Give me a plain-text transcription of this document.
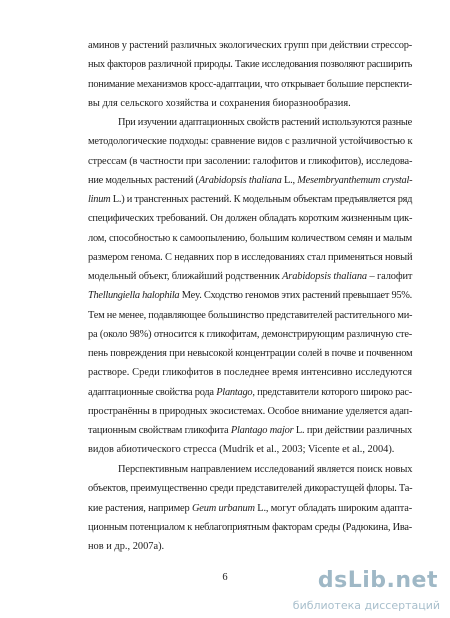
аминов у растений различных экологических групп при действии стрессор-
ных факторов различной природы. Такие исследования позволяют расширить
понимание механизмов кросс-адаптации, что открывает большие перспекти-
вы для сельского хозяйства и сохранения биоразнообразия.
При изучении адаптационных свойств растений используются разные
методологические подходы: сравнение видов с различной устойчивостью к
стрессам (в частности при засолении: галофитов и гликофитов), исследова-
ние модельных растений (Arabidopsis thaliana L., Mesembryanthemum crystal-
linum L.) и трансгенных растений. К модельным объектам предъявляется ряд
специфических требований. Он должен обладать коротким жизненным цик-
лом, способностью к самоопылению, большим количеством семян и малым
размером генома. С недавних пор в исследованиях стал применяться новый
модельный объект, ближайший родственник Arabidopsis thaliana – галофит
Thellungiella halophila Mey. Сходство геномов этих растений превышает 95%.
Тем не менее, подавляющее большинство представителей растительного ми-
ра (около 98%) относится к гликофитам, демонстрирующим различную сте-
пень повреждения при невысокой концентрации солей в почве и почвенном
растворе. Среди гликофитов в последнее время интенсивно исследуются
адаптационные свойства рода Plantago, представители которого широко рас-
пространённы в природных экосистемах. Особое внимание уделяется адап-
тационным свойствам гликофита Plantago major L. при действии различных
видов абиотического стресса (Mudrik et al., 2003; Vicente et al., 2004).
Перспективным направлением исследований является поиск новых
объектов, преимущественно среди представителей дикорастущей флоры. Та-
кие растения, например Geum urbanum L., могут обладать широким адапта-
ционным потенциалом к неблагоприятным факторам среды (Радюкина, Ива-
нов и др., 2007а).
6	dsLib.net
библиотека диссертаций
